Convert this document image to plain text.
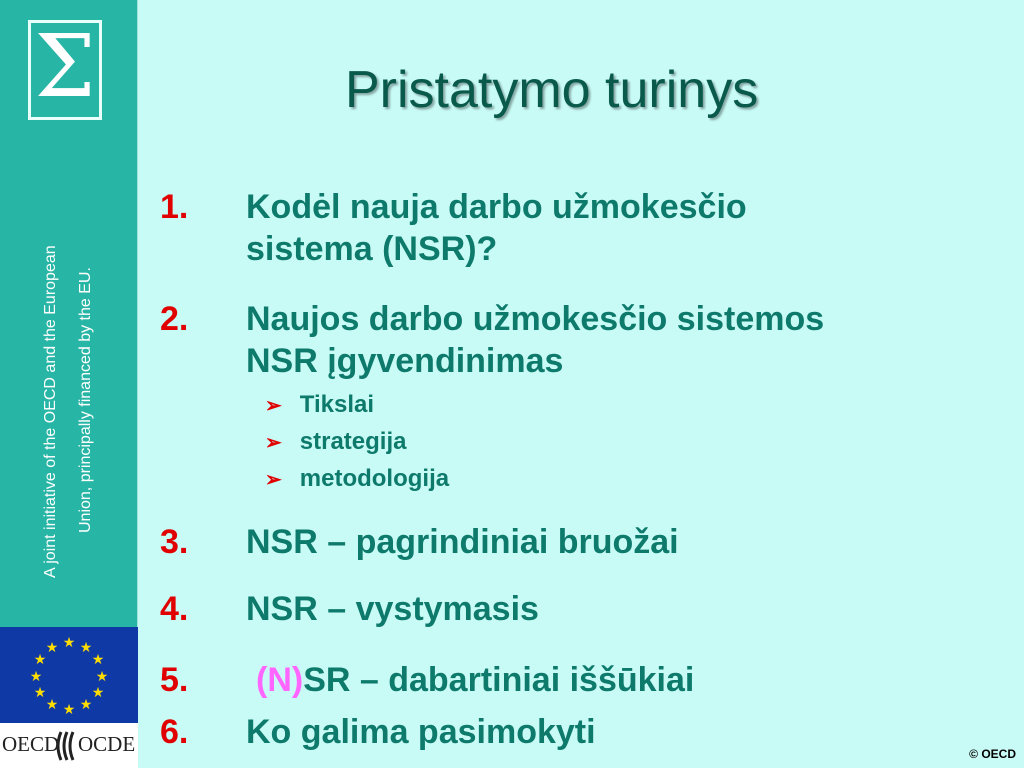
Σ
A joint initiative of the OECD and the European Union, principally financed by the EU.
★ ★
★
★
★
★
★
★
★
★
★
★
OECD OCDE
Pristatymo turinys
1. Kodėl nauja darbo užmokesčio
sistema (NSR)?
2. Naujos darbo užmokesčio sistemos
NSR įgyvendinimas
➢ Tikslai
➢ strategija
➢ metodologija
3. NSR – pagrindiniai bruožai
4. NSR – vystymasis
5. (N)SR – dabartiniai iššūkiai
6. Ko galima pasimokyti
© OECD
